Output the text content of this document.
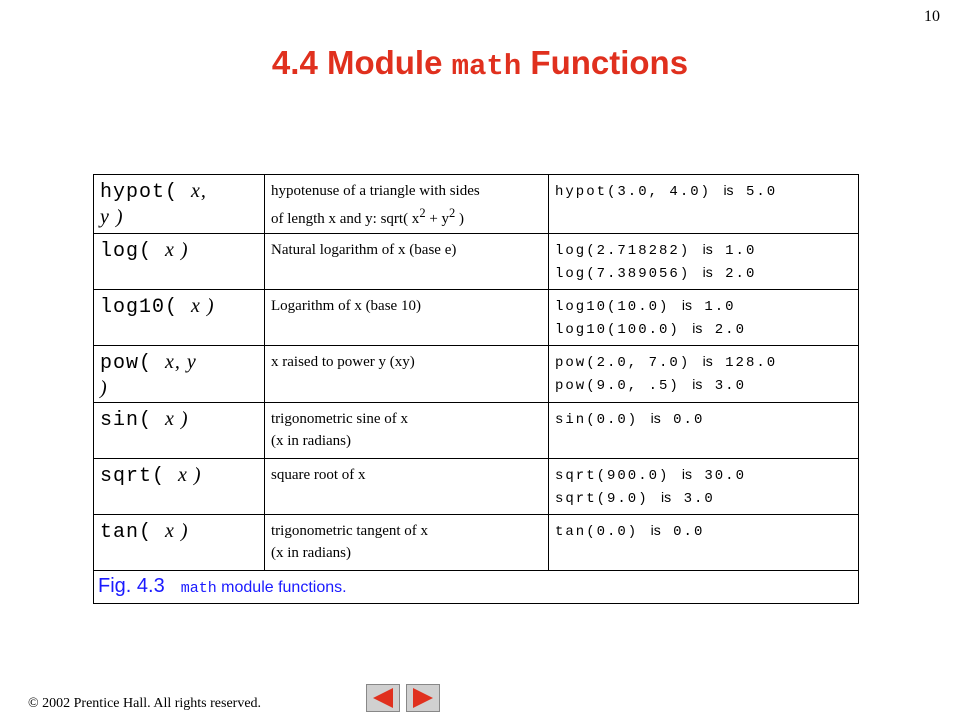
10
4.4 Module math Functions
hypot( x,
y )	hypotenuse of a triangle with sides
of length x and y: sqrt( $x^2 + y^2$ )	hypot(3.0, 4.0) is 5.0

log( x )	Natural logarithm of x (base e)	log(2.718282) is 1.0
log(7.389056) is 2.0

log10( x )	Logarithm of x (base 10)	log10(10.0) is 1.0
log10(100.0) is 2.0

pow( x, y
)	x raised to power y (xy)	pow(2.0, 7.0) is 128.0
pow(9.0, .5) is 3.0

sin( x )	trigonometric sine of x
(x in radians)	sin(0.0) is 0.0

sqrt( x )	square root of x	sqrt(900.0) is 30.0
sqrt(9.0) is 3.0

tan( x )	trigonometric tangent of x
(x in radians)	tan(0.0) is 0.0

Fig. 4.3 math module functions.		
© 2002 Prentice Hall. All rights reserved.
